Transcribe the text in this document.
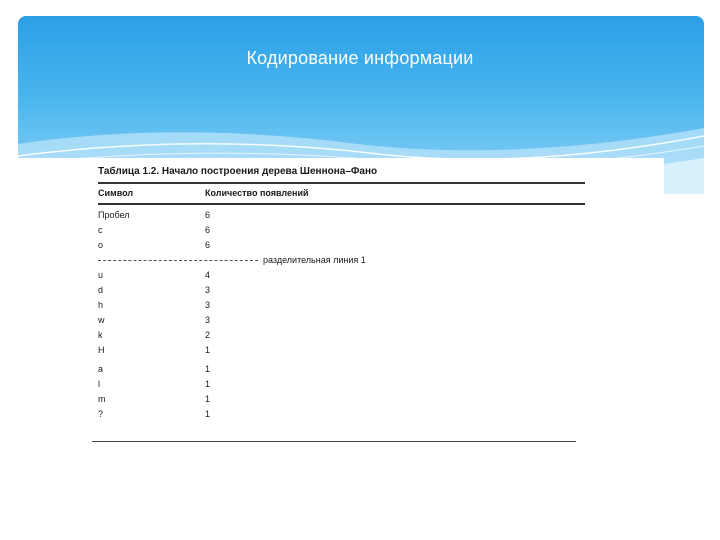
Кодирование информации
Таблица 1.2. Начало построения дерева Шеннона–Фано
Символ	Количество появлений
Пробел	6
с	6
о	6
разделительная линия 1
u	4
d	3
h	3
w	3
k	2
H	1
a	1
l	1
m	1
?	1
